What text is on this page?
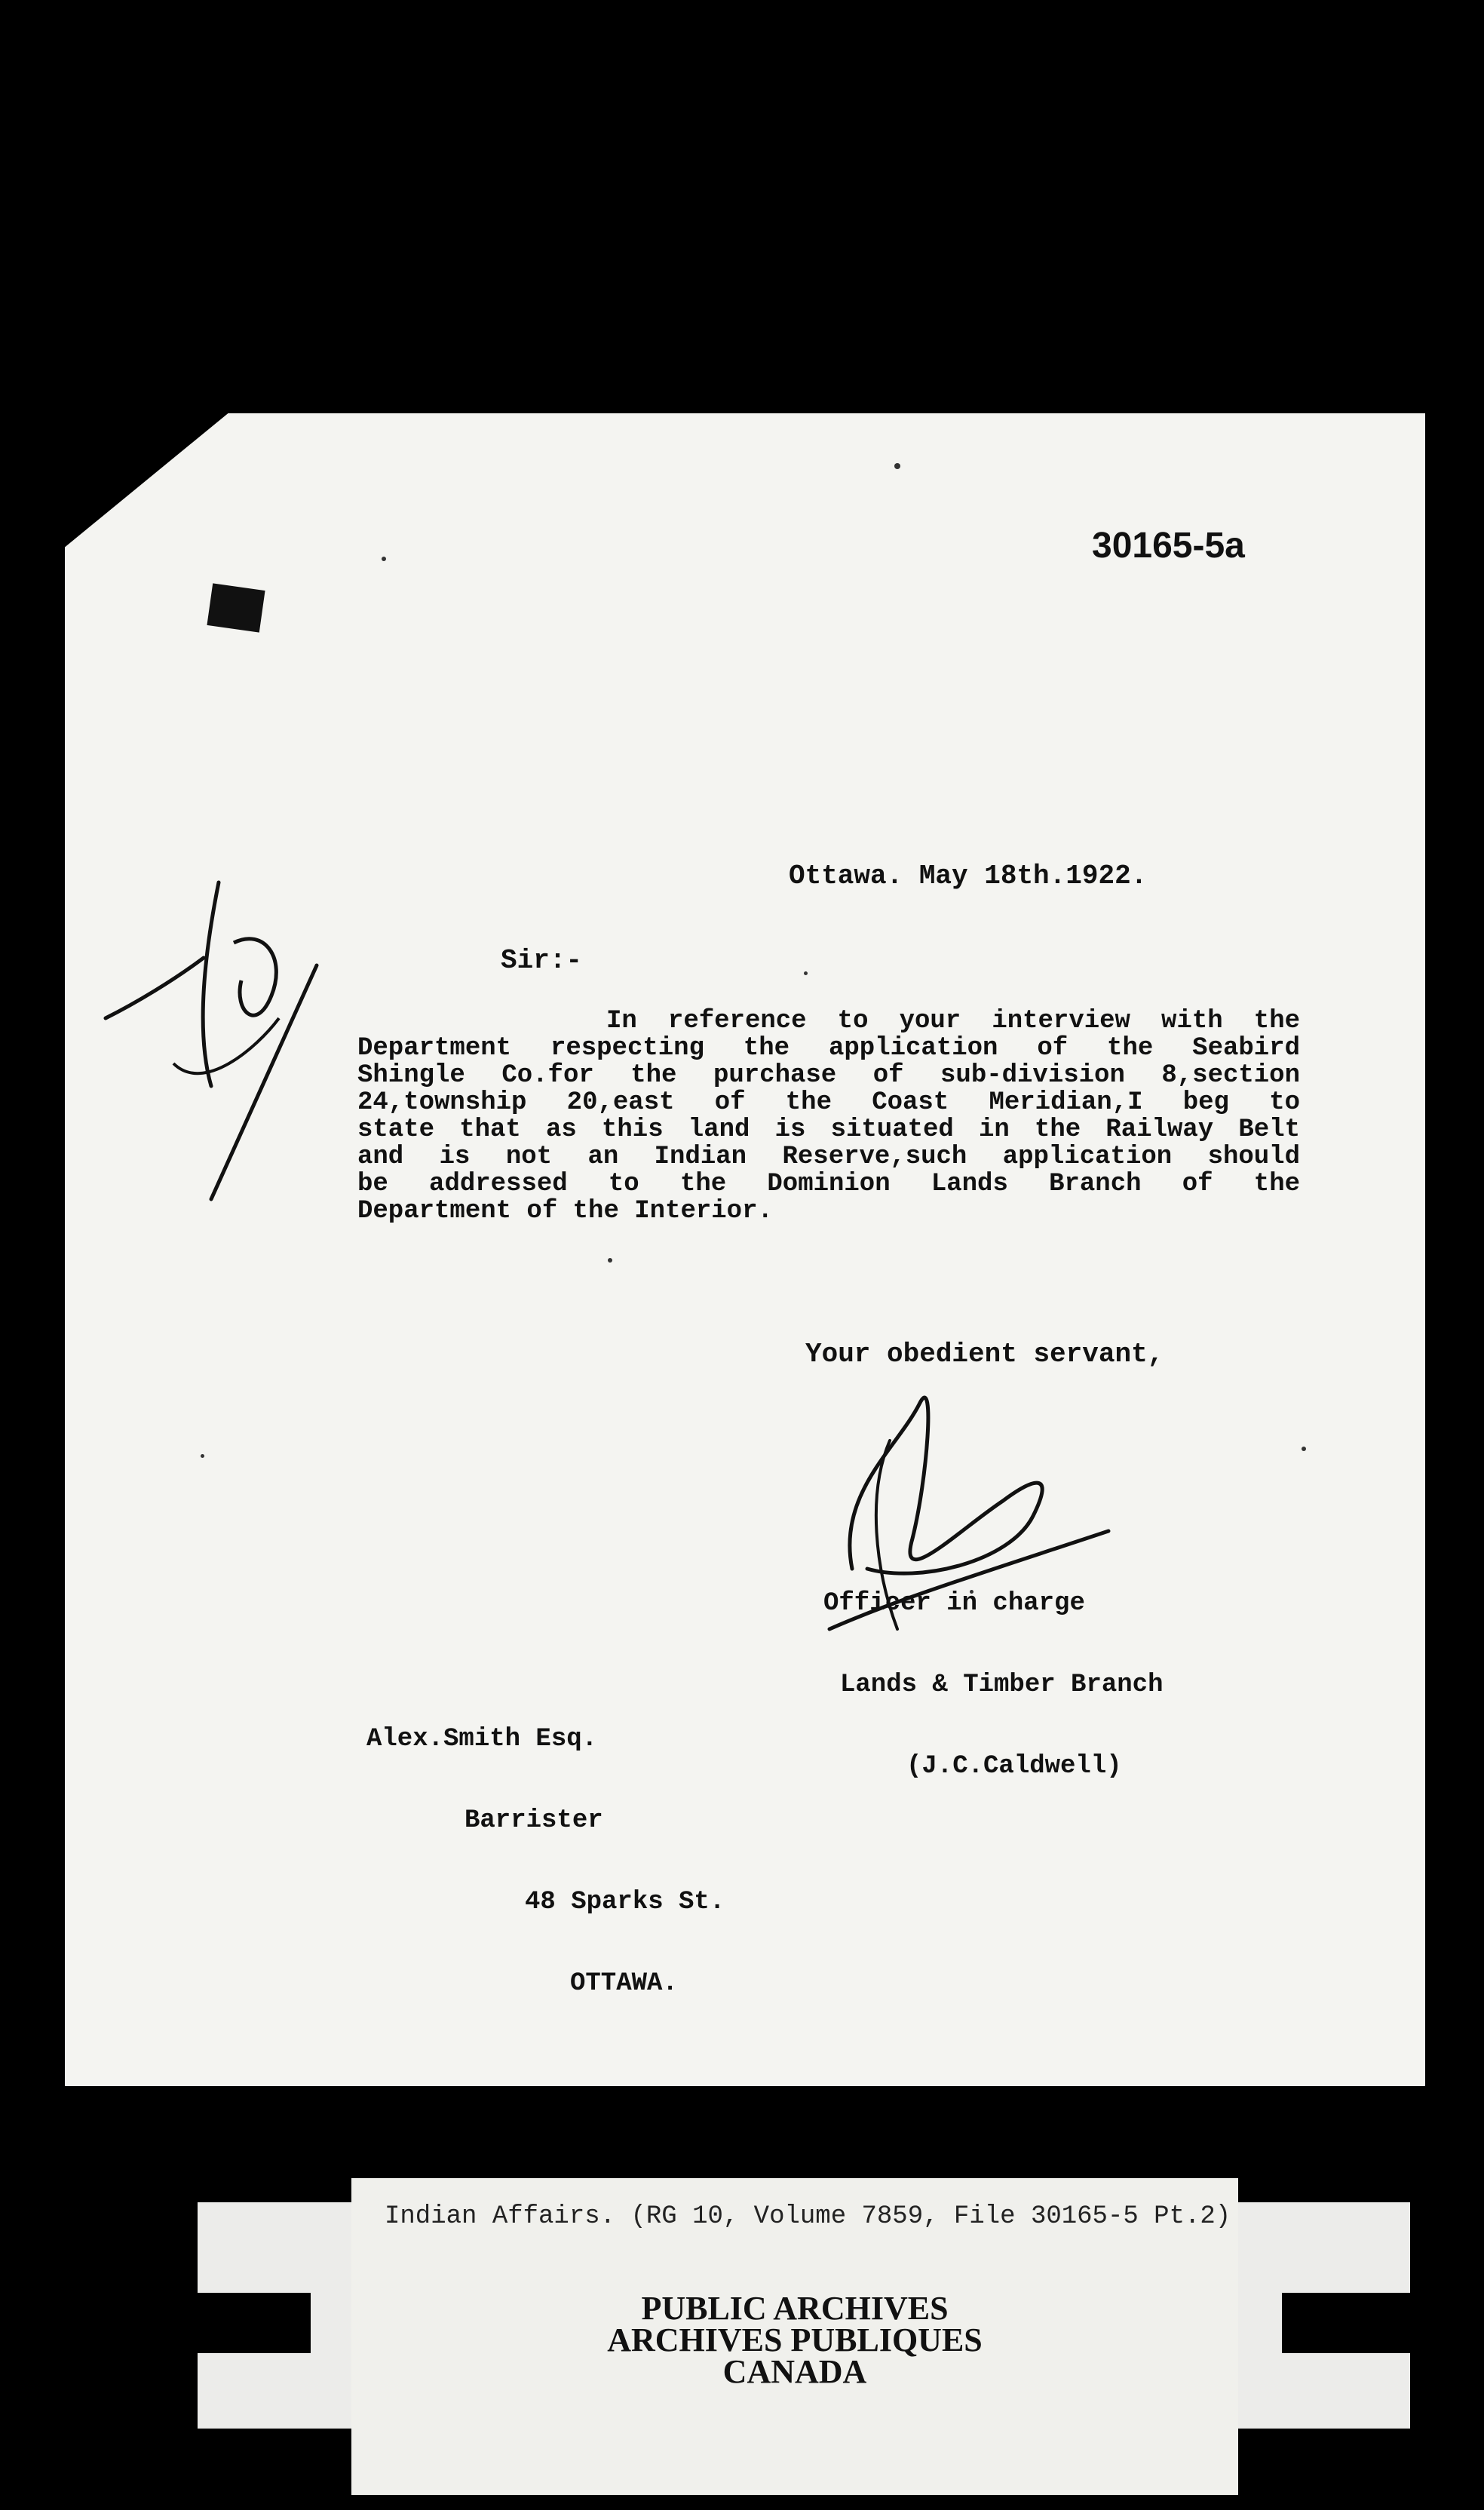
30165-5a
Ottawa. May 18th.1922.
Sir:-

In reference to your interview with the

Department respecting the application of the Seabird

Shingle Co.for the purchase of sub-division 8,section

24,township 20,east of the Coast Meridian,I beg to

state that as this land is situated in the Railway Belt

and is not an Indian Reserve,such application should

be addressed to the Dominion Lands Branch of the

Department of the Interior.

Your obedient servant,

Officer in charge

Lands & Timber Branch

(J.C.Caldwell)

Alex.Smith Esq.

Barrister

48 Sparks St.

OTTAWA.

Indian Affairs. (RG 10, Volume 7859, File 30165-5 Pt.2)
PUBLIC ARCHIVES
ARCHIVES PUBLIQUES
CANADA
